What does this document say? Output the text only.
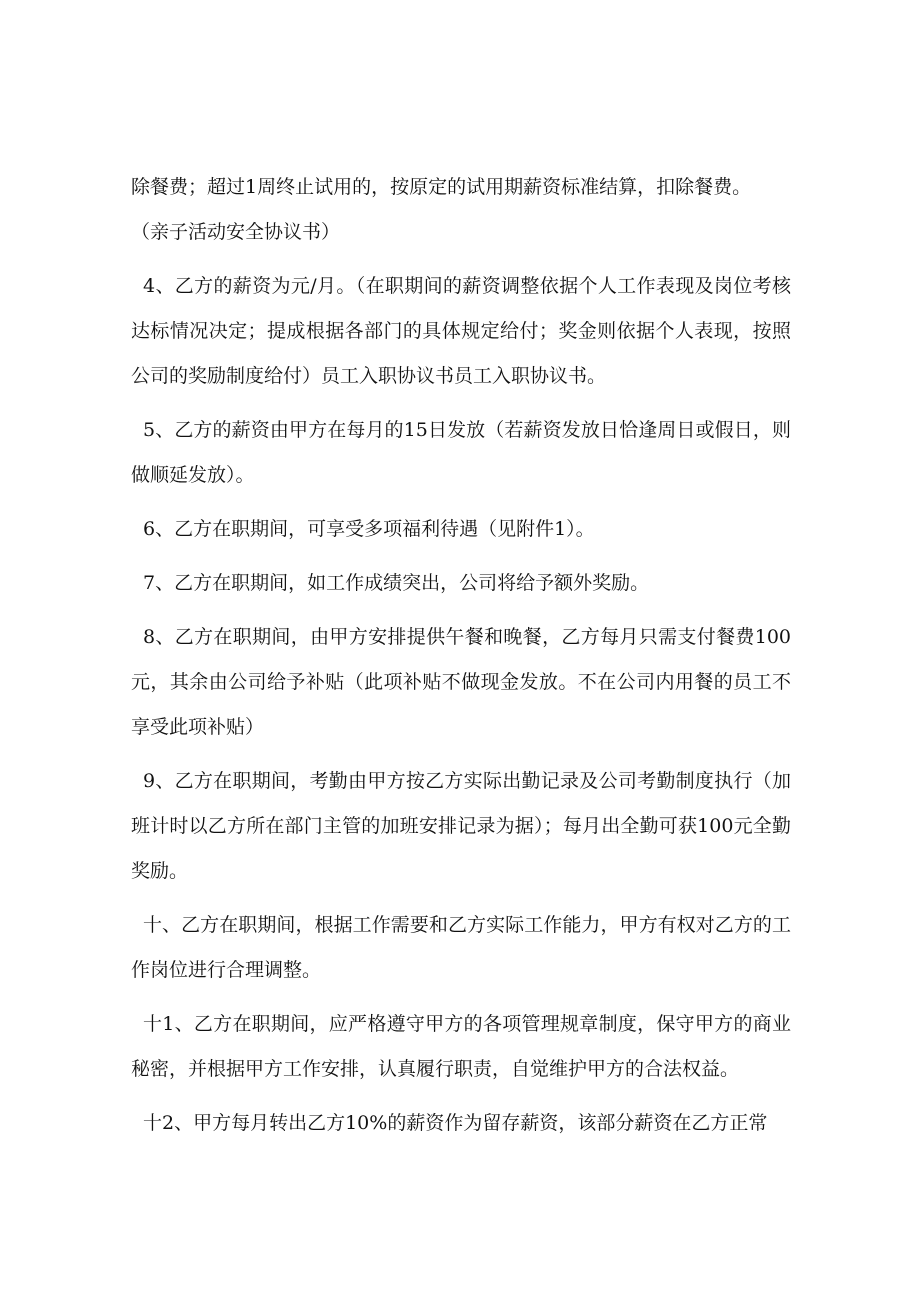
除餐费；超过1周终止试用的，按原定的试用期薪资标准结算，扣除餐费。

（亲子活动安全协议书）

4、乙方的薪资为元/月。（在职期间的薪资调整依据个人工作表现及岗位考核达标情况决定；提成根据各部门的具体规定给付；奖金则依据个人表现，按照公司的奖励制度给付）员工入职协议书员工入职协议书。

5、乙方的薪资由甲方在每月的15日发放（若薪资发放日恰逢周日或假日，则做顺延发放）。

6、乙方在职期间，可享受多项福利待遇（见附件1）。

7、乙方在职期间，如工作成绩突出，公司将给予额外奖励。

8、乙方在职期间，由甲方安排提供午餐和晚餐，乙方每月只需支付餐费100元，其余由公司给予补贴（此项补贴不做现金发放。不在公司内用餐的员工不享受此项补贴）

9、乙方在职期间，考勤由甲方按乙方实际出勤记录及公司考勤制度执行（加班计时以乙方所在部门主管的加班安排记录为据）；每月出全勤可获100元全勤奖励。

十、乙方在职期间，根据工作需要和乙方实际工作能力，甲方有权对乙方的工作岗位进行合理调整。

十1、乙方在职期间，应严格遵守甲方的各项管理规章制度，保守甲方的商业秘密，并根据甲方工作安排，认真履行职责，自觉维护甲方的合法权益。

十2、甲方每月转出乙方10%的薪资作为留存薪资，该部分薪资在乙方正常
